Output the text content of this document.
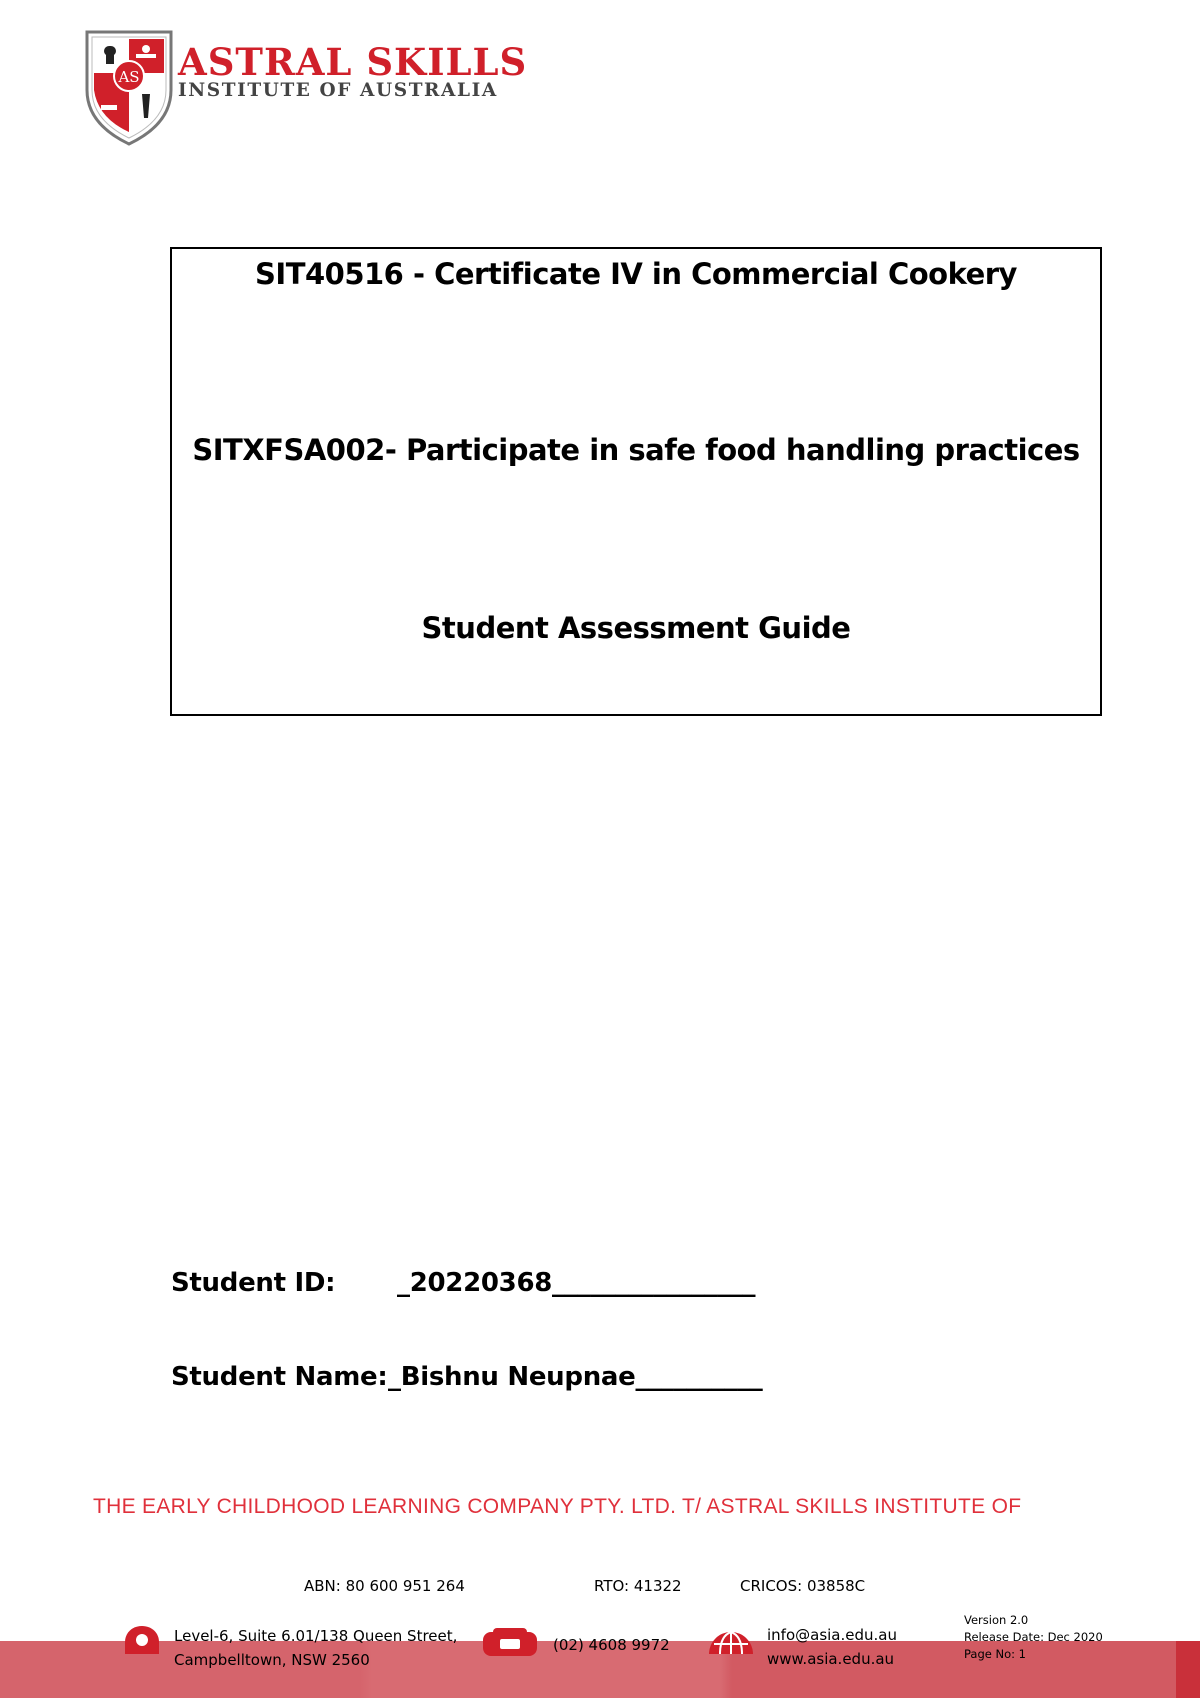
AS ASTRAL SKILLS
INSTITUTE OF AUSTRALIA
SIT40516 - Certificate IV in Commercial Cookery
SITXFSA002- Participate in safe food handling practices
Student Assessment Guide
Student ID: _20220368________________
Student Name:_Bishnu Neupnae__________
THE EARLY CHILDHOOD LEARNING COMPANY PTY. LTD. T/ ASTRAL SKILLS INSTITUTE OF
ABN: 80 600 951 264	RTO: 41322	CRICOS: 03858C
Level-6, Suite 6.01/138 Queen Street,
Campbelltown, NSW 2560
(02) 4608 9972
info@asia.edu.au
www.asia.edu.au
Version 2.0
Release Date: Dec 2020
Page No: 1
